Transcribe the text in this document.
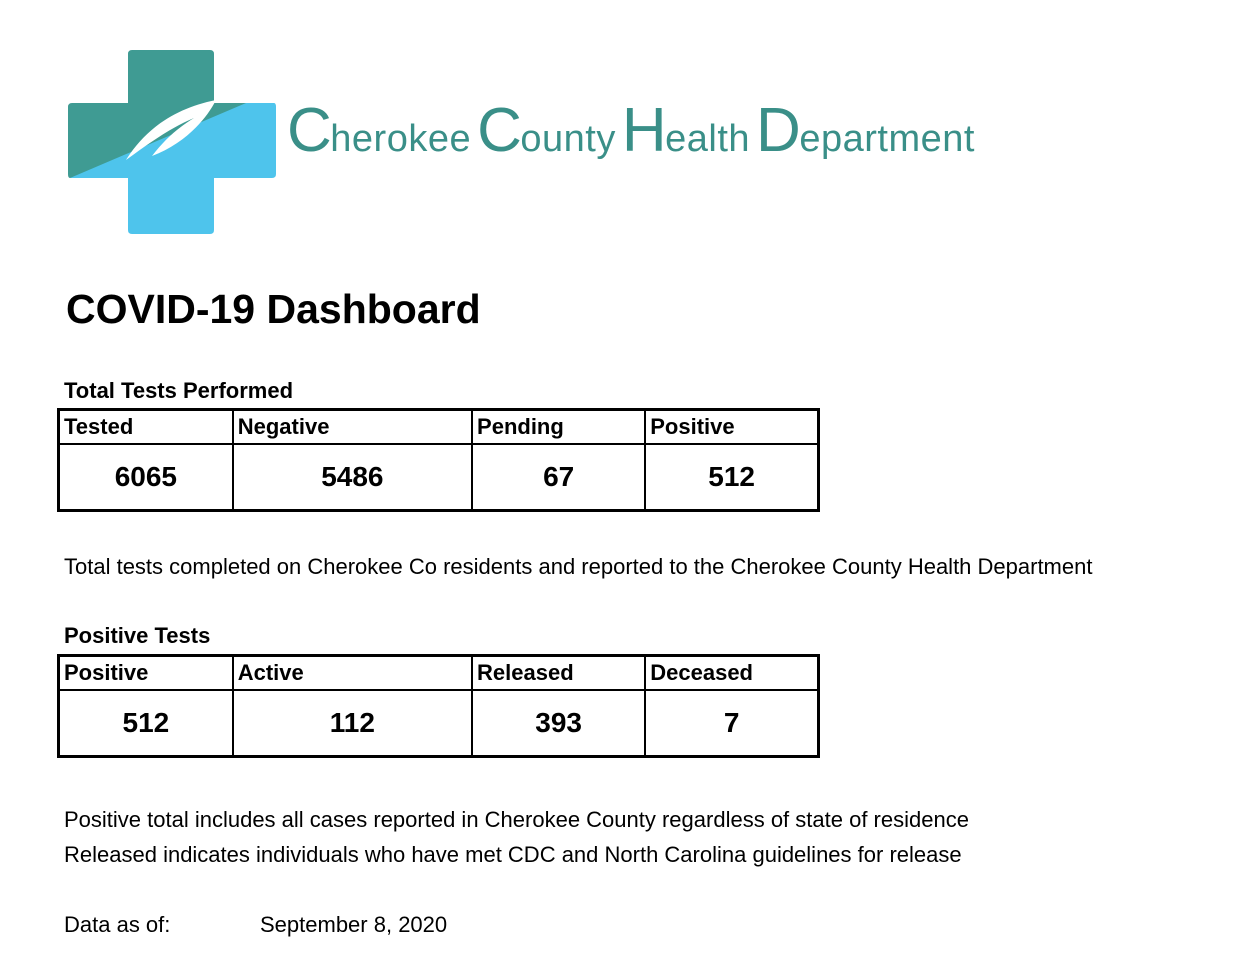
C
herokee C
ounty H
ealth D
epartment
COVID-19 Dashboard
Total Tests Performed
Tested	Negative	Pending	Positive
6065	5486	67	512

Total tests completed on Cherokee Co residents and reported to the Cherokee County Health Department

Positive Tests
Positive	Active	Released	Deceased
512	112	393	7

Positive total includes all cases reported in Cherokee County regardless of state of residence

Released indicates individuals who have met CDC and North Carolina guidelines for release

Data as of:	September 8, 2020
